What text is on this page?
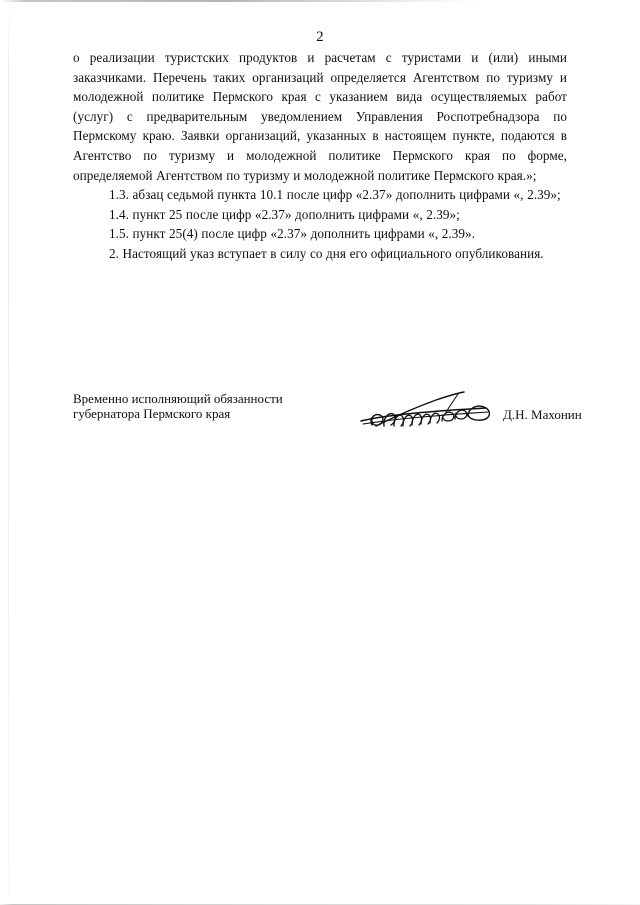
2

о реализации туристских продуктов и расчетам с туристами и (или) иными заказчиками. Перечень таких организаций определяется Агентством по туризму и молодежной политике Пермского края с указанием вида осуществляемых работ (услуг) с предварительным уведомлением Управления Роспотребнадзора по Пермскому краю. Заявки организаций, указанных в настоящем пункте, подаются в Агентство по туризму и молодежной политике Пермского края по форме, определяемой Агентством по туризму и молодежной политике Пермского края.»;

1.3. абзац седьмой пункта 10.1 после цифр «2.37» дополнить цифрами «, 2.39»;

1.4. пункт 25 после цифр «2.37» дополнить цифрами «, 2.39»;

1.5. пункт 25(4) после цифр «2.37» дополнить цифрами «, 2.39».

2. Настоящий указ вступает в силу со дня его официального опубликования.

Временно исполняющий обязанности
губернатора Пермского края	Д.Н. Махонин
